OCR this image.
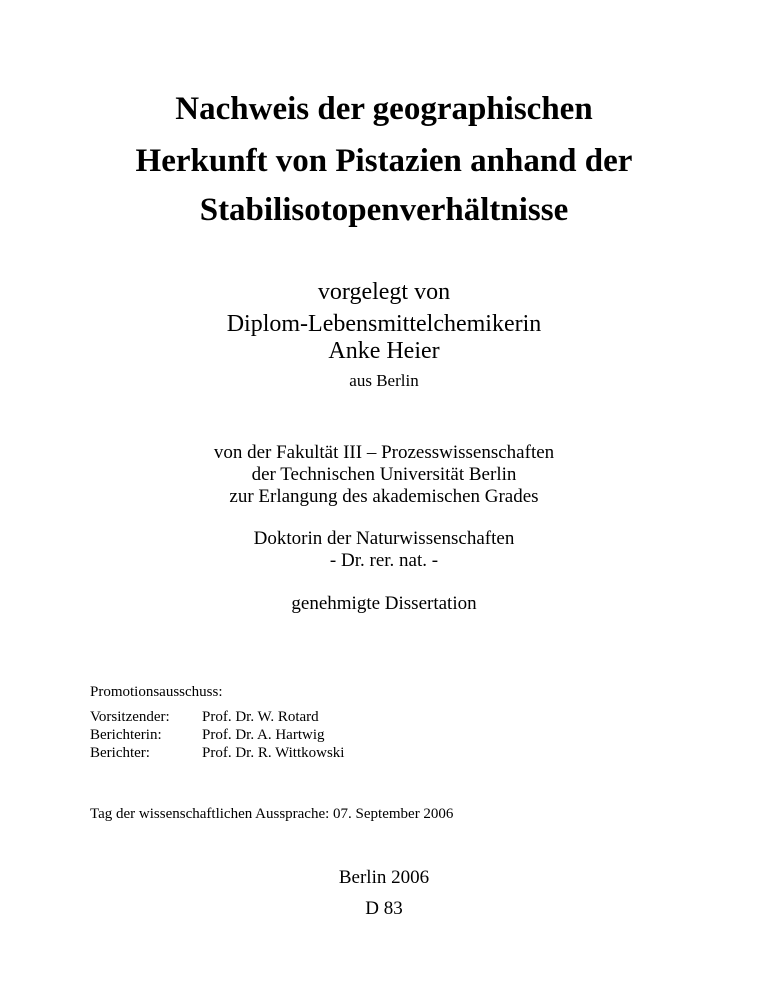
Nachweis der geographischen
Herkunft von Pistazien anhand der
Stabilisotopenverhältnisse
vorgelegt von
Diplom-Lebensmittelchemikerin
Anke Heier
aus Berlin
von der Fakultät III – Prozesswissenschaften
der Technischen Universität Berlin
zur Erlangung des akademischen Grades
Doktorin der Naturwissenschaften
- Dr. rer. nat. -
genehmigte Dissertation
Promotionsausschuss:
Vorsitzender: Prof. Dr. W. Rotard
Berichterin:	Prof. Dr. A. Hartwig
Berichter:	Prof. Dr. R. Wittkowski
Tag der wissenschaftlichen Aussprache: 07. September 2006
Berlin 2006
D 83
